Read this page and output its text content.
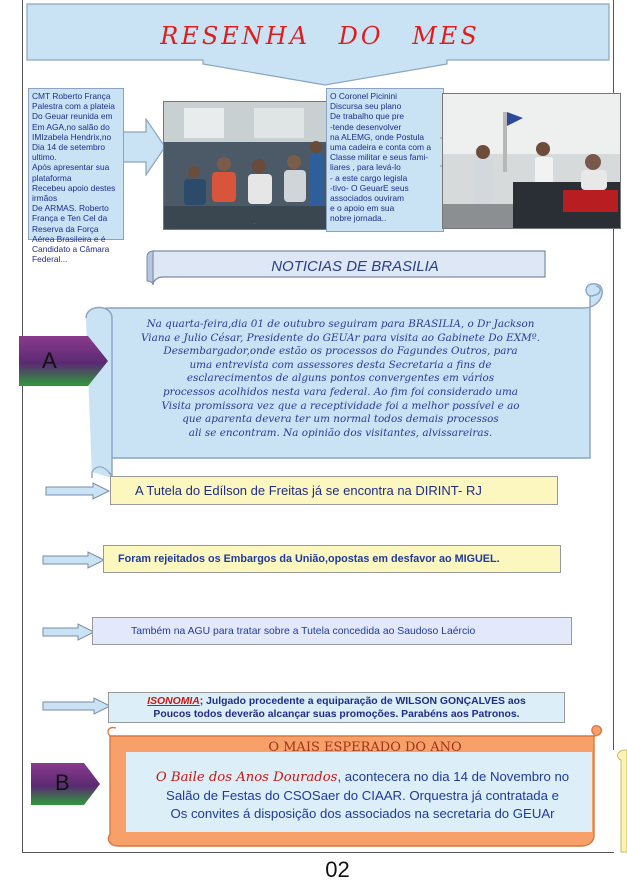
RESENHA DO MES
CMT Roberto França
Palestra com a plateia
Do Geuar reunida em
Em AGA,no salão do
IMIzabela Hendrix,no
Dia 14 de setembro ultimo.
Após apresentar sua plataforma
Recebeu apoio destes irmãos
De ARMAS. Roberto
França e Ten Cel da
Reserva da Força
Aérea Brasileira e é
Candidato a Câmara
Federal...
.
O Coronel Picinini
Discursa seu plano
De trabalho que pre
-tende desenvolver
na ALEMG, onde Postula
uma cadeira e conta com a
Classe militar e seus fami-
liares , para levá-lo
- a este cargo legisla
-tivo- O GeuarE seus
associados ouviram
e o apoio em sua
nobre jornada..
NOTICIAS DE BRASILIA
Na quarta-feira,dia 01 de outubro seguiram para BRASILIA, o Dr Jackson
Viana e Julio César, Presidente do GEUAr para visita ao Gabinete Do EXMº.
Desembargador,onde estão os processos do Fagundes Outros, para
uma entrevista com assessores desta Secretaria a fins de
esclarecimentos de alguns pontos convergentes em vários
processos acolhidos nesta vara federal. Ao fim foi considerado uma
Visita promissora vez que a receptividade foi a melhor possível e ao
que aparenta devera ter um normal todos demais processos
ali se encontram. Na opinião dos visitantes, alvissareiras.
A
A Tutela do Edílson de Freitas já se encontra na DIRINT- RJ
Foram rejeitados os Embargos da União,opostas em desfavor ao MIGUEL.
Também na AGU para tratar sobre a Tutela concedida ao Saudoso Laércio
ISONOMIA; Julgado procedente a equiparação de WILSON GONÇALVES aos
Poucos todos deverão alcançar suas promoções. Parabéns aos Patronos.
O MAIS ESPERADO DO ANO
O Baile dos Anos Dourados, acontecera no dia 14 de Novembro no
Salão de Festas do CSOSaer do CIAAR. Orquestra já contratada e
Os convites á disposição dos associados na secretaria do GEUAr
B
02
